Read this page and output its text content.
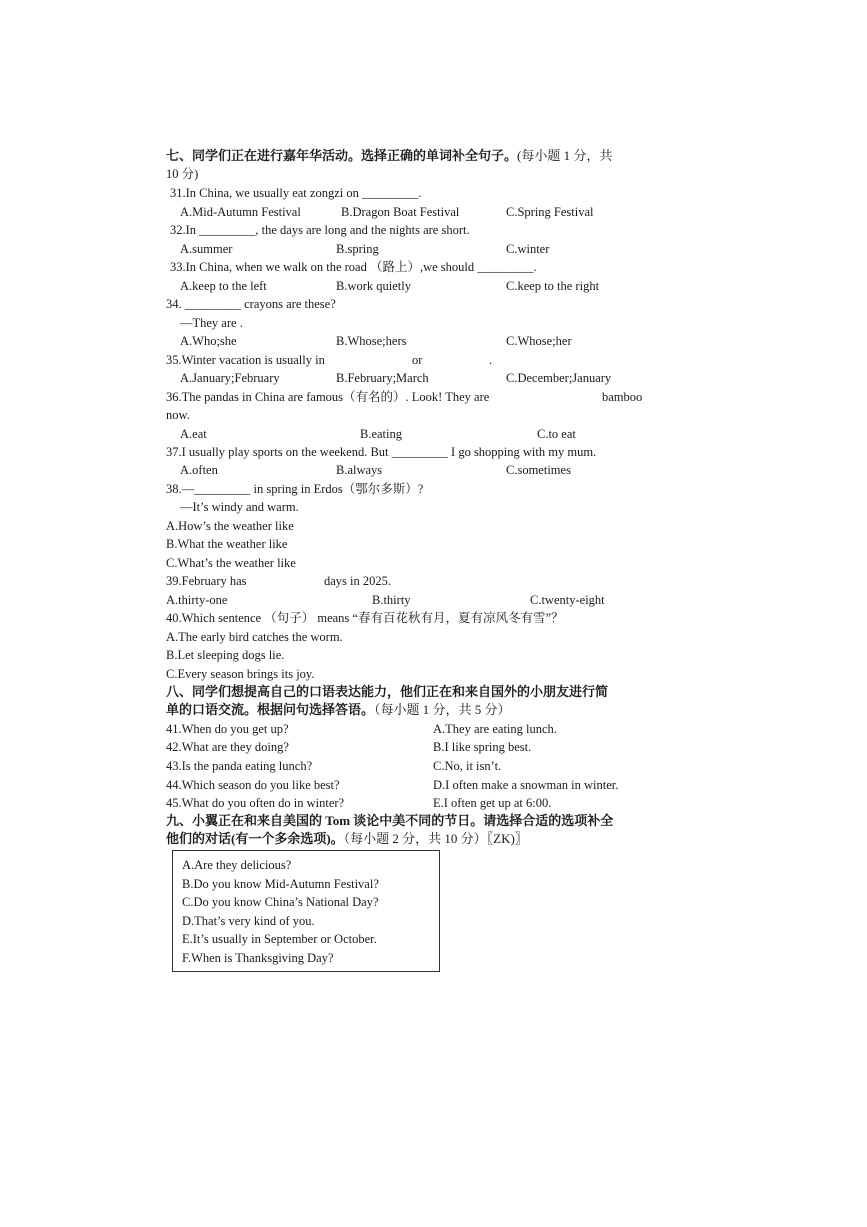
七、同学们正在进行嘉年华活动。选择正确的单词补全句子。(每小题 1 分，共
10 分)
31.In China, we usually eat zongzi on _________.
A.Mid-Autumn Festival	B.Dragon Boat Festival	C.Spring Festival
32.In _________, the days are long and the nights are short.
A.summer	B.spring	C.winter
33.In China, when we walk on the road （路上）,we should _________.
A.keep to the left	B.work quietly	C.keep to the right
34. _________ crayons are these?
—They are .
A.Who;she	B.Whose;hers	C.Whose;her
35.Winter vacation is usually in	or	.
A.January;February	B.February;March	C.December;January
36.The pandas in China are famous（有名的）. Look! They are	bamboo
now.
A.eat	B.eating	C.to eat
37.I usually play sports on the weekend. But _________ I go shopping with my mum.
A.often	B.always	C.sometimes
38.—_________ in spring in Erdos（鄂尔多斯）?
—It’s windy and warm.
A.How’s the weather like
B.What the weather like
C.What’s the weather like
39.February has	days in 2025.
A.thirty-one	B.thirty	C.twenty-eight
40.Which sentence （句子） means “春有百花秋有月，夏有凉风冬有雪”？
A.The early bird catches the worm.
B.Let sleeping dogs lie.
C.Every season brings its joy.
八、同学们想提高自己的口语表达能力，他们正在和来自国外的小朋友进行简
单的口语交流。根据问句选择答语。（每小题 1 分，共 5 分）
41.When do you get up?	A.They are eating lunch.
42.What are they doing?	B.I like spring best.
43.Is the panda eating lunch?	C.No, it isn’t.
44.Which season do you like best?	D.I often make a snowman in winter.
45.What do you often do in winter?	E.I often get up at 6:00.
九、小翼正在和来自美国的 Tom 谈论中美不同的节日。请选择合适的选项补全
他们的对话(有一个多余选项)。（每小题 2 分，共 10 分）〖ZK)〗
A.Are they delicious?
B.Do you know Mid-Autumn Festival?
C.Do you know China’s National Day?
D.That’s very kind of you.
E.It’s usually in September or October.
F.When is Thanksgiving Day?
